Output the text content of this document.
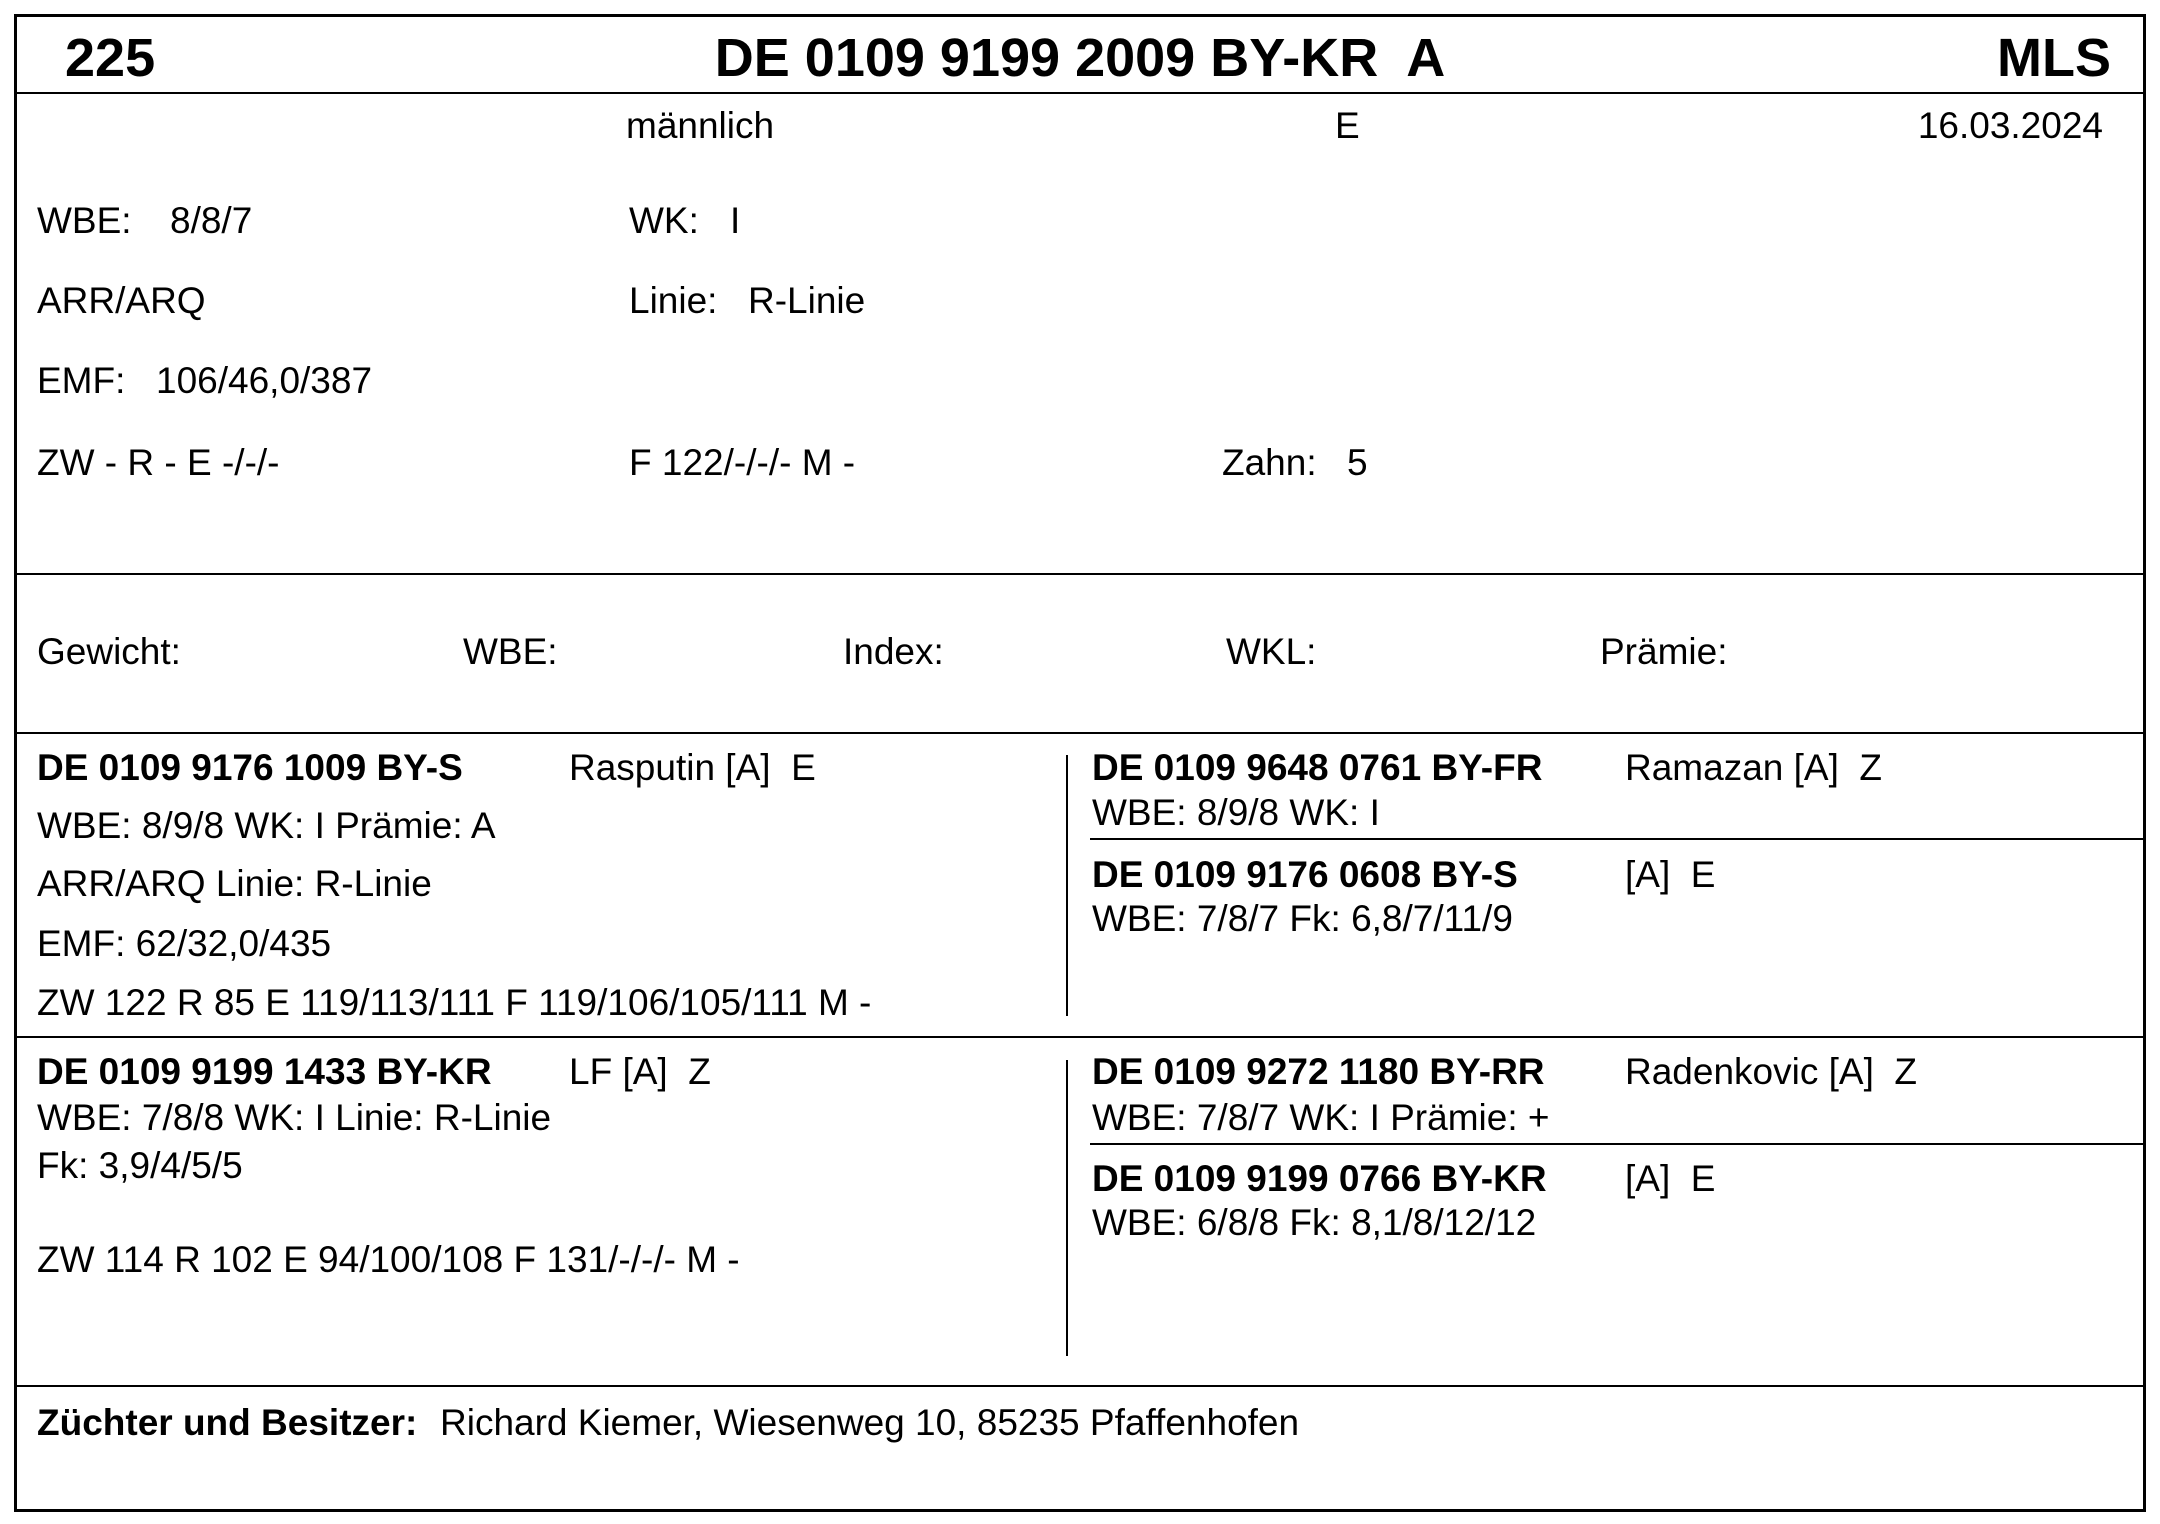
225	DE 0109 9199 2009 BY-KR  A	MLS
männlich	E	16.03.2024
WBE: 8/8/7	WK: I
ARR/ARQ	Linie: R-Linie
EMF: 106/46,0/387
ZW - R - E -/-/-	F 122/-/-/- M -	Zahn: 5
Gewicht:	WBE:	Index:	WKL:	Prämie:
DE 0109 9176 1009 BY-S	Rasputin [A]  E
WBE: 8/9/8 WK: I Prämie: A
ARR/ARQ Linie: R-Linie
EMF: 62/32,0/435
ZW 122 R 85 E 119/113/111 F 119/106/105/111 M -
DE 0109 9648 0761 BY-FR Ramazan [A]  Z
WBE: 8/9/8 WK: I
DE 0109 9176 0608 BY-S	[A]  E
WBE: 7/8/7 Fk: 6,8/7/11/9
DE 0109 9199 1433 BY-KR LF [A]  Z
WBE: 7/8/8 WK: I Linie: R-Linie
Fk: 3,9/4/5/5
ZW 114 R 102 E 94/100/108 F 131/-/-/- M -
DE 0109 9272 1180 BY-RR Radenkovic [A]  Z
WBE: 7/8/7 WK: I Prämie: +
DE 0109 9199 0766 BY-KR [A]  E
WBE: 6/8/8 Fk: 8,1/8/12/12
Züchter und Besitzer: Richard Kiemer, Wiesenweg 10, 85235 Pfaffenhofen
